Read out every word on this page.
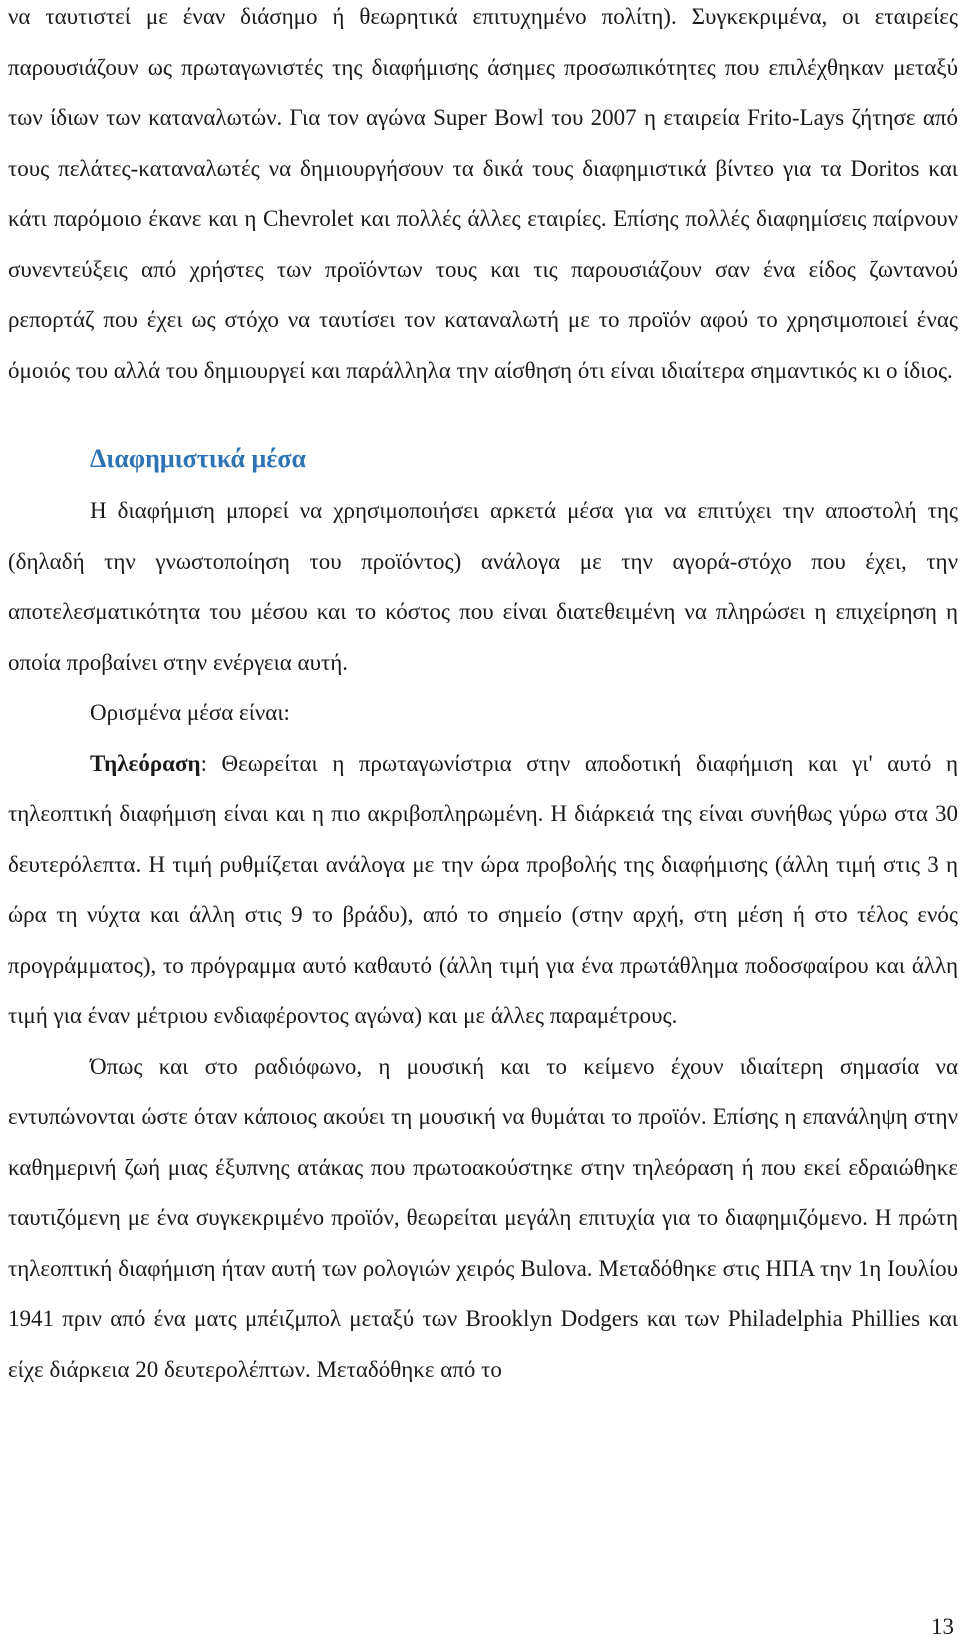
να ταυτιστεί με έναν διάσημο ή θεωρητικά επιτυχημένο πολίτη). Συγκεκριμένα, οι εταιρείες παρουσιάζουν ως πρωταγωνιστές της διαφήμισης άσημες προσωπικότητες που επιλέχθηκαν μεταξύ των ίδιων των καταναλωτών. Για τον αγώνα Super Bowl του 2007 η εταιρεία Frito-Lays ζήτησε από τους πελάτες-καταναλωτές να δημιουργήσουν τα δικά τους διαφημιστικά βίντεο για τα Doritos και κάτι παρόμοιο έκανε και η Chevrolet και πολλές άλλες εταιρίες. Επίσης πολλές διαφημίσεις παίρνουν συνεντεύξεις από χρήστες των προϊόντων τους και τις παρουσιάζουν σαν ένα είδος ζωντανού ρεπορτάζ που έχει ως στόχο να ταυτίσει τον καταναλωτή με το προϊόν αφού το χρησιμοποιεί ένας όμοιός του αλλά του δημιουργεί και παράλληλα την αίσθηση ότι είναι ιδιαίτερα σημαντικός κι ο ίδιος.

Διαφημιστικά μέσα

Η διαφήμιση μπορεί να χρησιμοποιήσει αρκετά μέσα για να επιτύχει την αποστολή της (δηλαδή την γνωστοποίηση του προϊόντος) ανάλογα με την αγορά-στόχο που έχει, την αποτελεσματικότητα του μέσου και το κόστος που είναι διατεθειμένη να πληρώσει η επιχείρηση η οποία προβαίνει στην ενέργεια αυτή.

Ορισμένα μέσα είναι:

Τηλεόραση: Θεωρείται η πρωταγωνίστρια στην αποδοτική διαφήμιση και γι' αυτό η τηλεοπτική διαφήμιση είναι και η πιο ακριβοπληρωμένη. Η διάρκειά της είναι συνήθως γύρω στα 30 δευτερόλεπτα. Η τιμή ρυθμίζεται ανάλογα με την ώρα προβολής της διαφήμισης (άλλη τιμή στις 3 η ώρα τη νύχτα και άλλη στις 9 το βράδυ), από το σημείο (στην αρχή, στη μέση ή στο τέλος ενός προγράμματος), το πρόγραμμα αυτό καθαυτό (άλλη τιμή για ένα πρωτάθλημα ποδοσφαίρου και άλλη τιμή για έναν μέτριου ενδιαφέροντος αγώνα) και με άλλες παραμέτρους.

Όπως και στο ραδιόφωνο, η μουσική και το κείμενο έχουν ιδιαίτερη σημασία να εντυπώνονται ώστε όταν κάποιος ακούει τη μουσική να θυμάται το προϊόν. Επίσης η επανάληψη στην καθημερινή ζωή μιας έξυπνης ατάκας που πρωτοακούστηκε στην τηλεόραση ή που εκεί εδραιώθηκε ταυτιζόμενη με ένα συγκεκριμένο προϊόν, θεωρείται μεγάλη επιτυχία για το διαφημιζόμενο. Η πρώτη τηλεοπτική διαφήμιση ήταν αυτή των ρολογιών χειρός Bulova. Μεταδόθηκε στις ΗΠΑ την 1η Ιουλίου 1941 πριν από ένα ματς μπέιζμπολ μεταξύ των Brooklyn Dodgers και των Philadelphia Phillies και είχε διάρκεια 20 δευτερολέπτων. Μεταδόθηκε από το

13
